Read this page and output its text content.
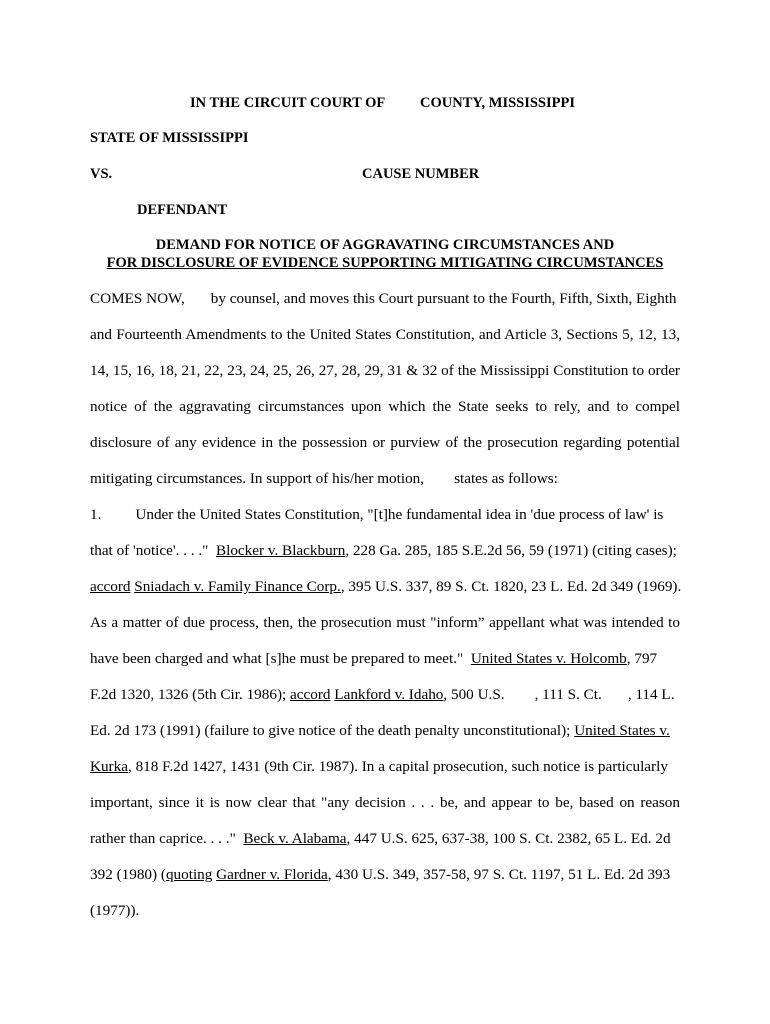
IN THE CIRCUIT COURT OF COUNTY, MISSISSIPPI
STATE OF MISSISSIPPI
VS.	CAUSE NUMBER
DEFENDANT
DEMAND FOR NOTICE OF AGGRAVATING CIRCUMSTANCES AND
FOR DISCLOSURE OF EVIDENCE SUPPORTING MITIGATING CIRCUMSTANCES
COMES NOW, by counsel, and moves this Court pursuant to the Fourth, Fifth, Sixth, Eighth
and Fourteenth Amendments to the United States Constitution, and Article 3, Sections 5, 12, 13,
14, 15, 16, 18, 21, 22, 23, 24, 25, 26, 27, 28, 29, 31 & 32 of the Mississippi Constitution to order
notice of the aggravating circumstances upon which the State seeks to rely, and to compel
disclosure of any evidence in the possession or purview of the prosecution regarding potential
mitigating circumstances. In support of his/her motion, states as follows:
1. Under the United States Constitution, "[t]he fundamental idea in 'due process of law' is
that of 'notice'. . . ." Blocker v. Blackburn, 228 Ga. 285, 185 S.E.2d 56, 59 (1971) (citing cases);
accord Sniadach v. Family Finance Corp., 395 U.S. 337, 89 S. Ct. 1820, 23 L. Ed. 2d 349 (1969).
As a matter of due process, then, the prosecution must "inform” appellant what was intended to
have been charged and what [s]he must be prepared to meet." United States v. Holcomb, 797
F.2d 1320, 1326 (5th Cir. 1986); accord Lankford v. Idaho, 500 U.S. , 111 S. Ct. , 114 L.
Ed. 2d 173 (1991) (failure to give notice of the death penalty unconstitutional); United States v.
Kurka, 818 F.2d 1427, 1431 (9th Cir. 1987). In a capital prosecution, such notice is particularly
important, since it is now clear that "any decision . . . be, and appear to be, based on reason
rather than caprice. . . ." Beck v. Alabama, 447 U.S. 625, 637-38, 100 S. Ct. 2382, 65 L. Ed. 2d
392 (1980) (quoting Gardner v. Florida, 430 U.S. 349, 357-58, 97 S. Ct. 1197, 51 L. Ed. 2d 393
(1977)).
